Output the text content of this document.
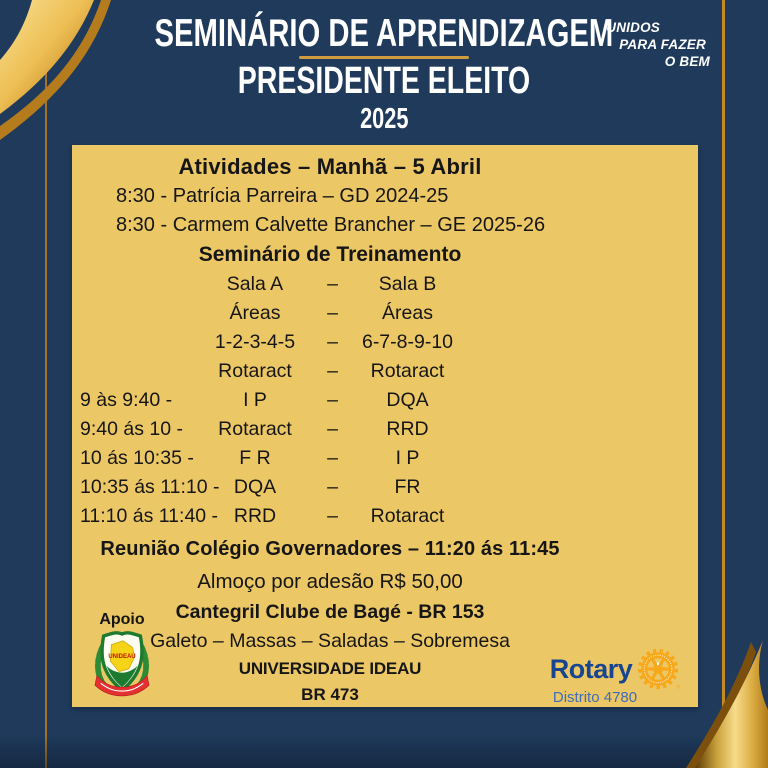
SEMINÁRIO DE APRENDIZAGEM
PRESIDENTE ELEITO
2025
UNIDOS
PARA FAZER
O BEM
Atividades – Manhã – 5 Abril
8:30 - Patrícia Parreira – GD 2024-25
8:30 - Carmem Calvette Brancher – GE 2025-26
Seminário de Treinamento
Sala A	–	Sala B
Áreas	–	Áreas
1-2-3-4-5	–	6-7-8-9-10
Rotaract	–	Rotaract
9 às 9:40 -	I P	–	DQA
9:40 ás 10 -	Rotaract	–	RRD
10 ás 10:35 -	F R	–	I P
10:35 ás 11:10 - DQA	–	FR
11:10 ás 11:40 - RRD	–	Rotaract
Reunião Colégio Governadores – 11:20 ás 11:45
Almoço por adesão R$ 50,00
Cantegril Clube de Bagé - BR 153
Galeto – Massas – Saladas – Sobremesa
UNIVERSIDADE IDEAU
BR 473
Apoio
UNIDEAU	Rotary
®
Distrito 4780
